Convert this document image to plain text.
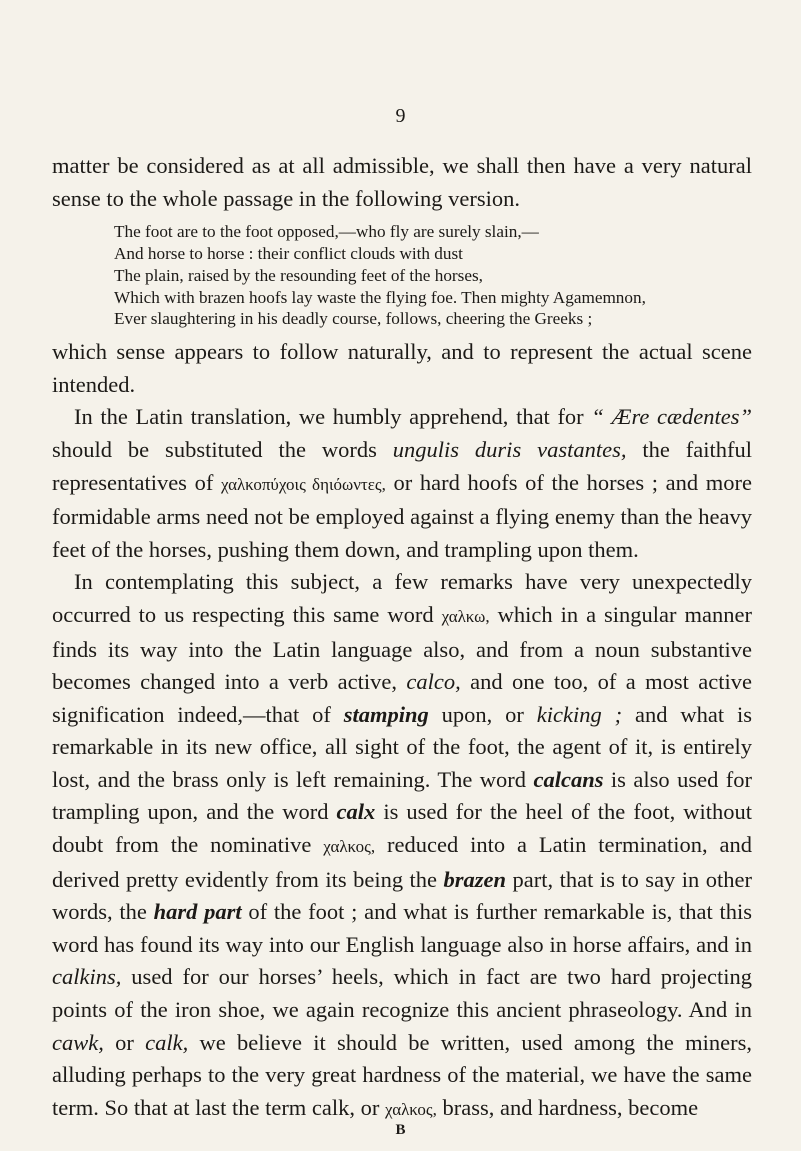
9

matter be considered as at all admissible, we shall then have a very natural sense to the whole passage in the following version.

The foot are to the foot opposed,—who fly are surely slain,—
And horse to horse : their conflict clouds with dust
The plain, raised by the resounding feet of the horses,
Which with brazen hoofs lay waste the flying foe. Then mighty Agamemnon,
Ever slaughtering in his deadly course, follows, cheering the Greeks ;

which sense appears to follow naturally, and to represent the actual scene intended.

In the Latin translation, we humbly apprehend, that for “ Ære cædentes” should be substituted the words ungulis duris vastantes, the faithful representatives of χαλκοπύχοις δηιόωντες, or hard hoofs of the horses ; and more formidable arms need not be employed against a flying enemy than the heavy feet of the horses, pushing them down, and trampling upon them.

In contemplating this subject, a few remarks have very unexpectedly occurred to us respecting this same word χαλκω, which in a singular manner finds its way into the Latin language also, and from a noun substantive becomes changed into a verb active, calco, and one too, of a most active signification indeed,—that of stamping upon, or kicking ; and what is remarkable in its new office, all sight of the foot, the agent of it, is entirely lost, and the brass only is left remaining. The word calcans is also used for trampling upon, and the word calx is used for the heel of the foot, without doubt from the nominative χαλκος, reduced into a Latin termination, and derived pretty evidently from its being the brazen part, that is to say in other words, the hard part of the foot ; and what is further remarkable is, that this word has found its way into our English language also in horse affairs, and in calkins, used for our horses’ heels, which in fact are two hard projecting points of the iron shoe, we again recognize this ancient phraseology. And in cawk, or calk, we believe it should be written, used among the miners, alluding perhaps to the very great hardness of the material, we have the same term. So that at last the term calk, or χαλκος, brass, and hardness, become

B
